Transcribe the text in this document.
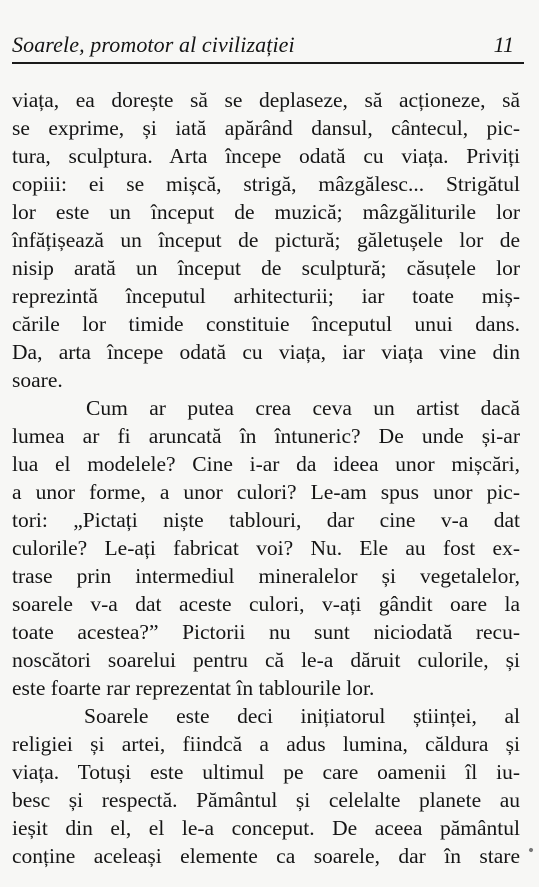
Soarele, promotor al civilizației	11
viața, ea dorește să se deplaseze, să acționeze, să
se exprime, și iată apărând dansul, cântecul, pic-
tura, sculptura. Arta începe odată cu viața. Priviți
copiii: ei se mișcă, strigă, mâzgălesc... Strigătul
lor este un început de muzică; mâzgăliturile lor
înfățișează un început de pictură; găletușele lor de
nisip arată un început de sculptură; căsuțele lor
reprezintă începutul arhitecturii; iar toate miș-
cările lor timide constituie începutul unui dans.
Da, arta începe odată cu viața, iar viața vine din
soare.
Cum ar putea crea ceva un artist dacă
lumea ar fi aruncată în întuneric? De unde și-ar
lua el modelele? Cine i-ar da ideea unor mișcări,
a unor forme, a unor culori? Le-am spus unor pic-
tori: „Pictați niște tablouri, dar cine v-a dat
culorile? Le-ați fabricat voi? Nu. Ele au fost ex-
trase prin intermediul mineralelor și vegetalelor,
soarele v-a dat aceste culori, v-ați gândit oare la
toate acestea?” Pictorii nu sunt niciodată recu-
noscători soarelui pentru că le-a dăruit culorile, și
este foarte rar reprezentat în tablourile lor.
Soarele este deci inițiatorul științei, al
religiei și artei, fiindcă a adus lumina, căldura și
viața. Totuși este ultimul pe care oamenii îl iu-
besc și respectă. Pământul și celelalte planete au
ieșit din el, el le-a conceput. De aceea pământul
conține aceleași elemente ca soarele, dar în stare
